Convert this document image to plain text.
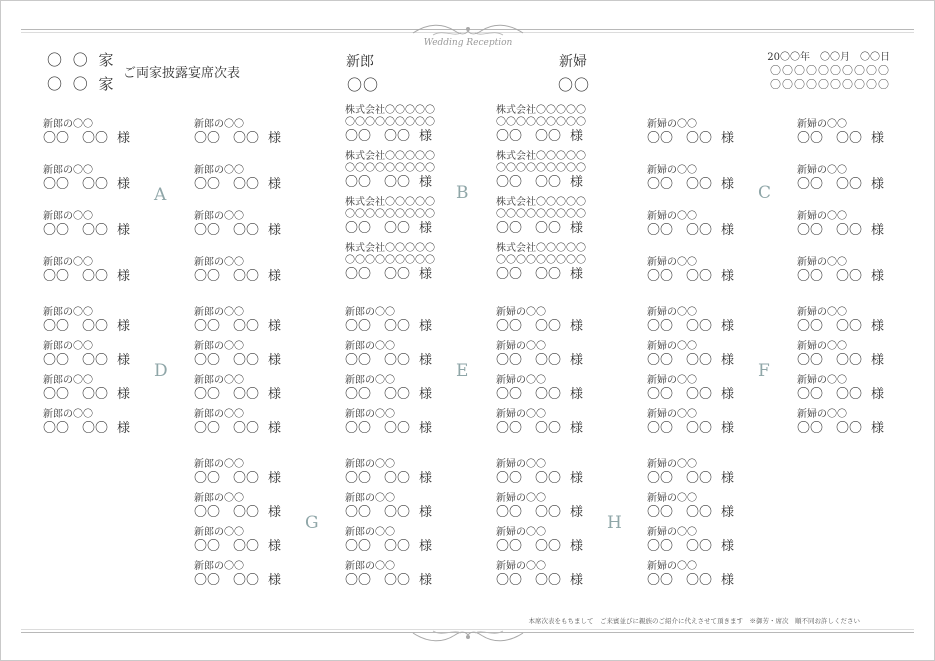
Wedding Reception
〇 〇 家
〇 〇 家
ご両家披露宴席次表
新郎
〇〇
新婦
〇〇
20〇〇年　〇〇月　〇〇日
〇〇〇〇〇〇〇〇〇〇
〇〇〇〇〇〇〇〇〇〇
A	B	C
D	E	F
G	H
新郎の〇〇
〇〇　 〇〇 様
新郎の〇〇
〇〇　 〇〇 様
新郎の〇〇
〇〇　 〇〇 様
新郎の〇〇
〇〇　 〇〇 様
新郎の〇〇
〇〇　 〇〇 様
新郎の〇〇
〇〇　 〇〇 様
新郎の〇〇
〇〇　 〇〇 様
新郎の〇〇
〇〇　 〇〇 様
株式会社〇〇〇〇〇
〇〇〇〇〇〇〇〇〇
〇〇　 〇〇 様
株式会社〇〇〇〇〇
〇〇〇〇〇〇〇〇〇
〇〇　 〇〇 様
株式会社〇〇〇〇〇
〇〇〇〇〇〇〇〇〇
〇〇　 〇〇 様
株式会社〇〇〇〇〇
〇〇〇〇〇〇〇〇〇
〇〇　 〇〇 様
株式会社〇〇〇〇〇
〇〇〇〇〇〇〇〇〇
〇〇　 〇〇 様
株式会社〇〇〇〇〇
〇〇〇〇〇〇〇〇〇
〇〇　 〇〇 様
株式会社〇〇〇〇〇
〇〇〇〇〇〇〇〇〇
〇〇　 〇〇 様
株式会社〇〇〇〇〇
〇〇〇〇〇〇〇〇〇
〇〇　 〇〇 様
新婦の〇〇
〇〇　 〇〇 様
新婦の〇〇
〇〇　 〇〇 様
新婦の〇〇
〇〇　 〇〇 様
新婦の〇〇
〇〇　 〇〇 様
新婦の〇〇
〇〇　 〇〇 様
新婦の〇〇
〇〇　 〇〇 様
新婦の〇〇
〇〇　 〇〇 様
新婦の〇〇
〇〇　 〇〇 様
新郎の〇〇
〇〇　 〇〇 様
新郎の〇〇
〇〇　 〇〇 様
新郎の〇〇
〇〇　 〇〇 様
新郎の〇〇
〇〇　 〇〇 様
新郎の〇〇
〇〇　 〇〇 様
新郎の〇〇
〇〇　 〇〇 様
新郎の〇〇
〇〇　 〇〇 様
新郎の〇〇
〇〇　 〇〇 様
新郎の〇〇
〇〇　 〇〇 様
新郎の〇〇
〇〇　 〇〇 様
新郎の〇〇
〇〇　 〇〇 様
新郎の〇〇
〇〇　 〇〇 様
新婦の〇〇
〇〇　 〇〇 様
新婦の〇〇
〇〇　 〇〇 様
新婦の〇〇
〇〇　 〇〇 様
新婦の〇〇
〇〇　 〇〇 様
新婦の〇〇
〇〇　 〇〇 様
新婦の〇〇
〇〇　 〇〇 様
新婦の〇〇
〇〇　 〇〇 様
新婦の〇〇
〇〇　 〇〇 様
新婦の〇〇
〇〇　 〇〇 様
新婦の〇〇
〇〇　 〇〇 様
新婦の〇〇
〇〇　 〇〇 様
新婦の〇〇
〇〇　 〇〇 様
新郎の〇〇
〇〇　 〇〇 様
新郎の〇〇
〇〇　 〇〇 様
新郎の〇〇
〇〇　 〇〇 様
新郎の〇〇
〇〇　 〇〇 様
新郎の〇〇
〇〇　 〇〇 様
新郎の〇〇
〇〇　 〇〇 様
新郎の〇〇
〇〇　 〇〇 様
新郎の〇〇
〇〇　 〇〇 様
新婦の〇〇
〇〇　 〇〇 様
新婦の〇〇
〇〇　 〇〇 様
新婦の〇〇
〇〇　 〇〇 様
新婦の〇〇
〇〇　 〇〇 様
新婦の〇〇
〇〇　 〇〇 様
新婦の〇〇
〇〇　 〇〇 様
新婦の〇〇
〇〇　 〇〇 様
新婦の〇〇
〇〇　 〇〇 様
本席次表をもちまして　ご来賓並びに親族のご紹介に代えさせて頂きます　※御芳・席次　順不同お許しください
